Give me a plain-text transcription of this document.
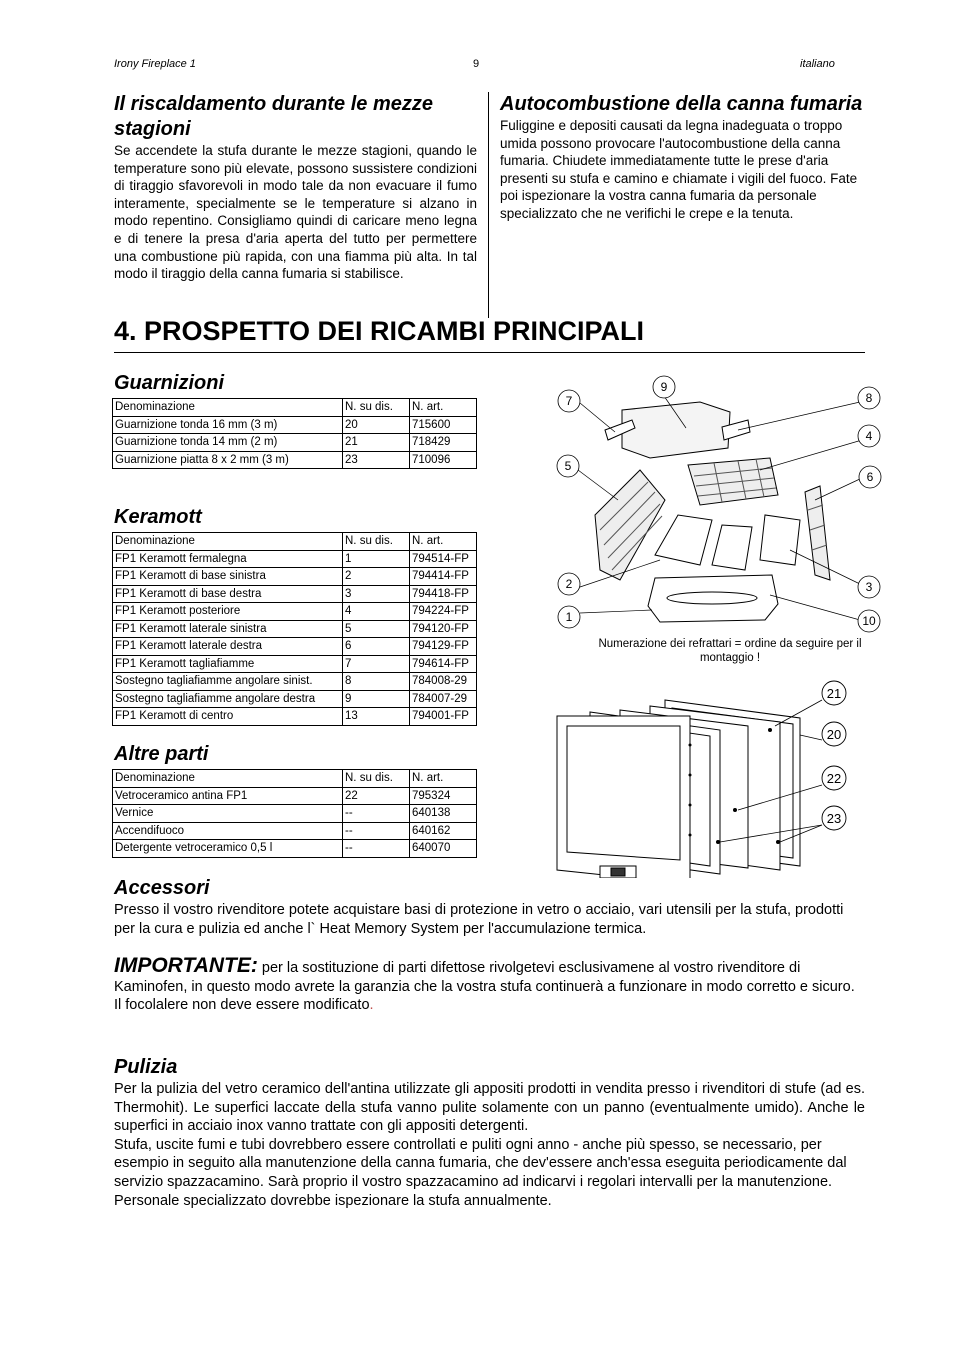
Irony Fireplace 1	9	italiano
Il riscaldamento durante le mezze stagioni

Se accendete la stufa durante le mezze stagioni, quando le temperature sono più elevate, possono sussistere condizioni di tiraggio sfavorevoli in modo tale da non evacuare il fumo interamente, specialmente se le temperature si alzano in modo repentino. Consigliamo quindi di caricare meno legna e di tenere la presa d'aria aperta del tutto per permettere una combustione più rapida, con una fiamma più alta. In tal modo il tiraggio della canna fumaria si stabilisce.

Autocombustione della canna fumaria

Fuliggine e depositi causati da legna inadeguata o troppo umida possono provocare l'autocombustione della canna fumaria. Chiudete immediatamente tutte le prese d'aria presenti su stufa e camino e chiamate i vigili del fuoco. Fate poi ispezionare la vostra canna fumaria da personale specializzato che ne verifichi le crepe e la tenuta.

4. PROSPETTO DEI RICAMBI PRINCIPALI
Guarnizioni
Denominazione	N. su dis.	N. art.
Guarnizione tonda 16 mm (3 m)	20	715600
Guarnizione tonda 14 mm (2 m)	21	718429
Guarnizione piatta 8 x 2 mm (3 m)	23	710096
Keramott
Denominazione	N. su dis.	N. art.
FP1 Keramott fermalegna	1	794514-FP
FP1 Keramott di base sinistra	2	794414-FP
FP1 Keramott di base destra	3	794418-FP
FP1 Keramott posteriore	4	794224-FP
FP1 Keramott laterale sinistra	5	794120-FP
FP1 Keramott laterale destra	6	794129-FP
FP1 Keramott tagliafiamme	7	794614-FP
Sostegno tagliafiamme angolare sinist.	8	784008-29
Sostegno tagliafiamme angolare destra	9	784007-29
FP1 Keramott di centro	13	794001-FP
Altre parti
Denominazione	N. su dis.	N. art.
Vetroceramico antina FP1	22	795324
Vernice	--	640138
Accendifuoco	--	640162
Detergente vetroceramico 0,5 l	--	640070
7
9
8
4
5
6
2	3
1	10
Numerazione dei refrattari = ordine da seguire per il montaggio !
21
20
22
23
Accessori

Presso il vostro rivenditore potete acquistare basi di protezione in vetro o acciaio, vari utensili per la stufa, prodotti per la cura e pulizia ed anche l` Heat Memory System per l'accumulazione termica.

IMPORTANTE: per la sostituzione di parti difettose rivolgetevi esclusivamene al vostro rivenditore di Kaminofen, in questo modo avrete la garanzia che la vostra stufa continuerà a funzionare in modo corretto e sicuro.

Il focolalere non deve essere modificato.

Pulizia

Per la pulizia del vetro ceramico dell'antina utilizzate gli appositi prodotti in vendita presso i rivenditori di stufe (ad es. Thermohit). Le superfici laccate della stufa vanno pulite solamente con un panno (eventualmente umido). Anche le superfici in acciaio inox vanno trattate con gli appositi detergenti.

Stufa, uscite fumi e tubi dovrebbero essere controllati e puliti ogni anno - anche più spesso, se necessario, per esempio in seguito alla manutenzione della canna fumaria, che dev'essere anch'essa eseguita periodicamente dal servizio spazzacamino. Sarà proprio il vostro spazzacamino ad indicarvi i regolari intervalli per la manutenzione. Personale specializzato dovrebbe ispezionare la stufa annualmente.
